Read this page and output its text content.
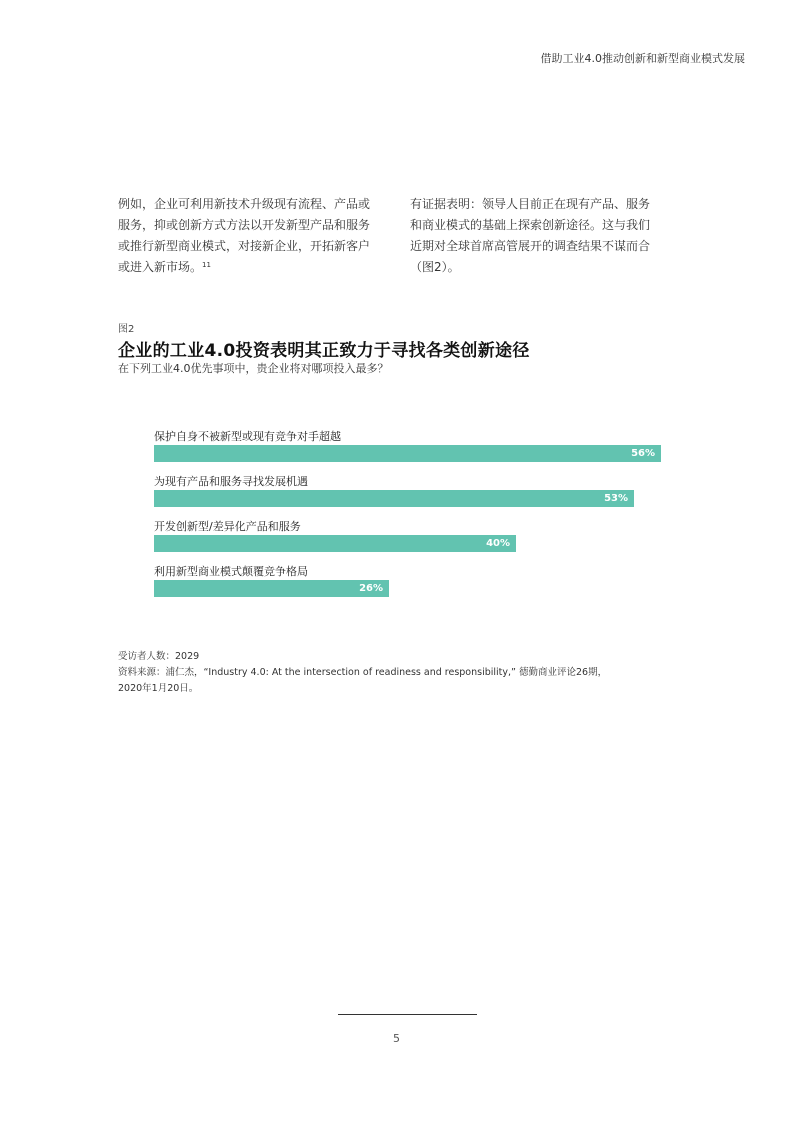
借助工业4.0推动创新和新型商业模式发展
例如，企业可利用新技术升级现有流程、产品或
服务，抑或创新方式方法以开发新型产品和服务
或推行新型商业模式，对接新企业，开拓新客户
或进入新市场。$^{11}$
有证据表明：领导人目前正在现有产品、服务
和商业模式的基础上探索创新途径。这与我们
近期对全球首席高管展开的调查结果不谋而合
（图2）。
图2
企业的工业4.0投资表明其正致力于寻找各类创新途径
在下列工业4.0优先事项中，贵企业将对哪项投入最多？
保护自身不被新型或现有竞争对手超越
56%
为现有产品和服务寻找发展机遇
53%
开发创新型/差异化产品和服务
40%
利用新型商业模式颠覆竞争格局
26%
受访者人数：2029
资料来源：浦仁杰，“Industry 4.0: At the intersection of readiness and responsibility,” 德勤商业评论26期，
2020年1月20日。
5
